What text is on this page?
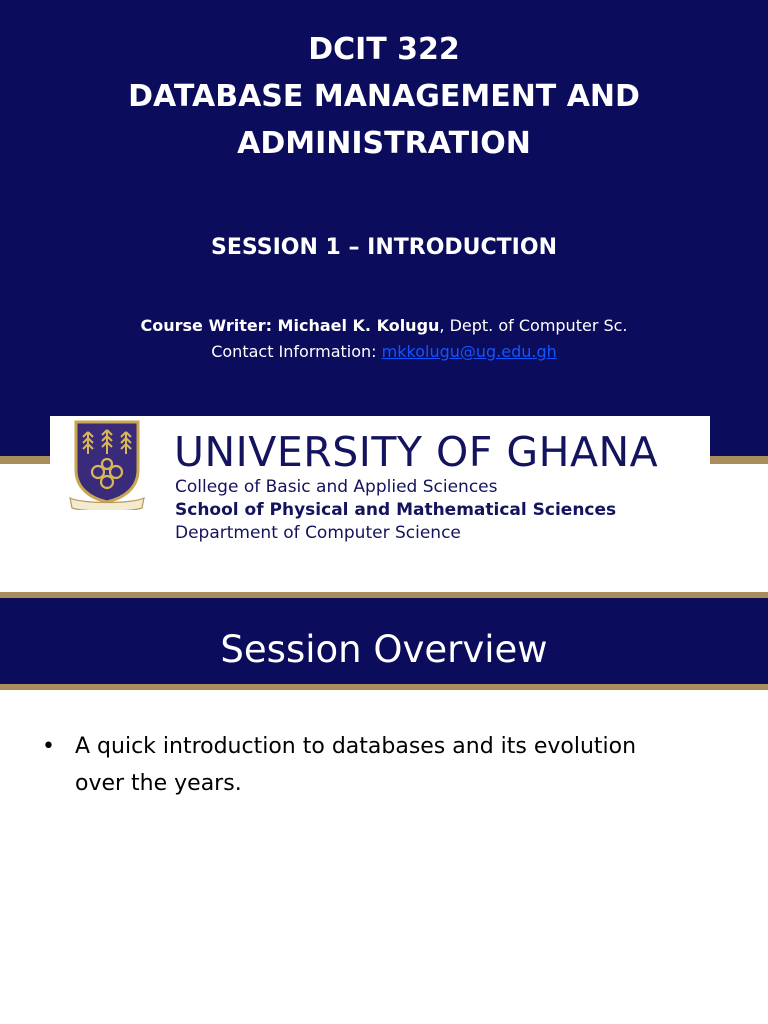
DCIT 322
DATABASE MANAGEMENT AND
ADMINISTRATION
SESSION 1 – INTRODUCTION
Course Writer: Michael K. Kolugu, Dept. of Computer Sc.
Contact Information: mkkolugu@ug.edu.gh
UNIVERSITY OF GHANA
College of Basic and Applied Sciences
School of Physical and Mathematical Sciences
Department of Computer Science
Session Overview
• A quick introduction to databases and its evolution
over the years.
